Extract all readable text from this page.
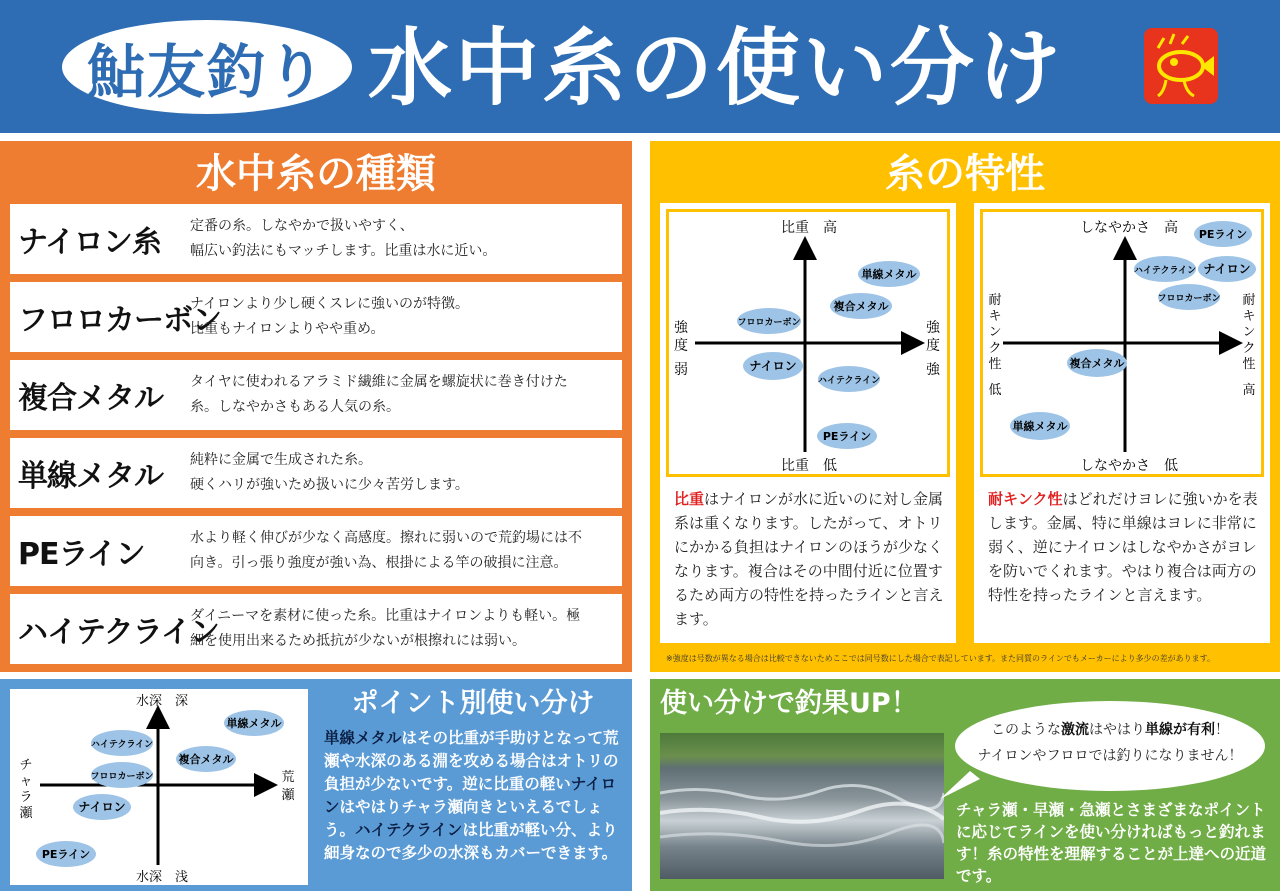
鮎友釣り 水中糸の使い分け
水中糸の種類
ナイロン糸 定番の糸。しなやかで扱いやすく、
幅広い釣法にもマッチします。比重は水に近い。
フロロカーボン
ナイロンより少し硬くスレに強いのが特徴。
比重もナイロンよりやや重め。
複合メタル タイヤに使われるアラミド繊維に金属を螺旋状に巻き付けた
糸。しなやかさもある人気の糸。
単線メタル 純粋に金属で生成された糸。
硬くハリが強いため扱いに少々苦労します。
PEライン	水より軽く伸びが少なく高感度。擦れに弱いので荒釣場には不
向き。引っ張り強度が強い為、根掛による竿の破損に注意。
ハイテクライン
ダイニーマを素材に使った糸。比重はナイロンよりも軽い。極
細を使用出来るため抵抗が少ないが根擦れには弱い。
糸の特性
比重　高
比重　低
強
度
弱
強
度
強
単線メタル
複合メタル
フロロカーボン
ナイロン
ハイテクライン
PEライン
比重はナイロンが水に近いのに対し金属系は重くなります。したがって、オトリにかかる負担はナイロンのほうが少なくなります。複合はその中間付近に位置するため両方の特性を持ったラインと言えます。
しなやかさ　高
しなやかさ　低
耐
キ
ン
ク
性
低
耐
キ
ン
ク
性
高
PEライン
ハイテクライン ナイロン
フロロカーボン
複合メタル
単線メタル
耐キンク性はどれだけヨレに強いかを表します。金属、特に単線はヨレに非常に弱く、逆にナイロンはしなやかさがヨレを防いでくれます。やはり複合は両方の特性を持ったラインと言えます。
※強度は号数が異なる場合は比較できないためここでは同号数にした場合で表記しています。また同質のラインでもメーカーにより多少の差があります。
水深　深
水深　浅
チ
ャ
ラ
瀬
荒
瀬
単線メタル
ハイテクライン
複合メタル
フロロカーボン
ナイロン
PEライン
ポイント別使い分け
単線メタルはその比重が手助けとなって荒瀬や水深のある淵を攻める場合はオトリの負担が少ないです。逆に比重の軽いナイロンはやはりチャラ瀬向きといえるでしょう。ハイテクラインは比重が軽い分、より細身なので多少の水深もカバーできます。
使い分けで釣果UP！
このような激流はやはり単線が有利！
ナイロンやフロロでは釣りになりません！
チャラ瀬・早瀬・急瀬とさまざまなポイントに応じてラインを使い分ければもっと釣れます！糸の特性を理解することが上達への近道です。
